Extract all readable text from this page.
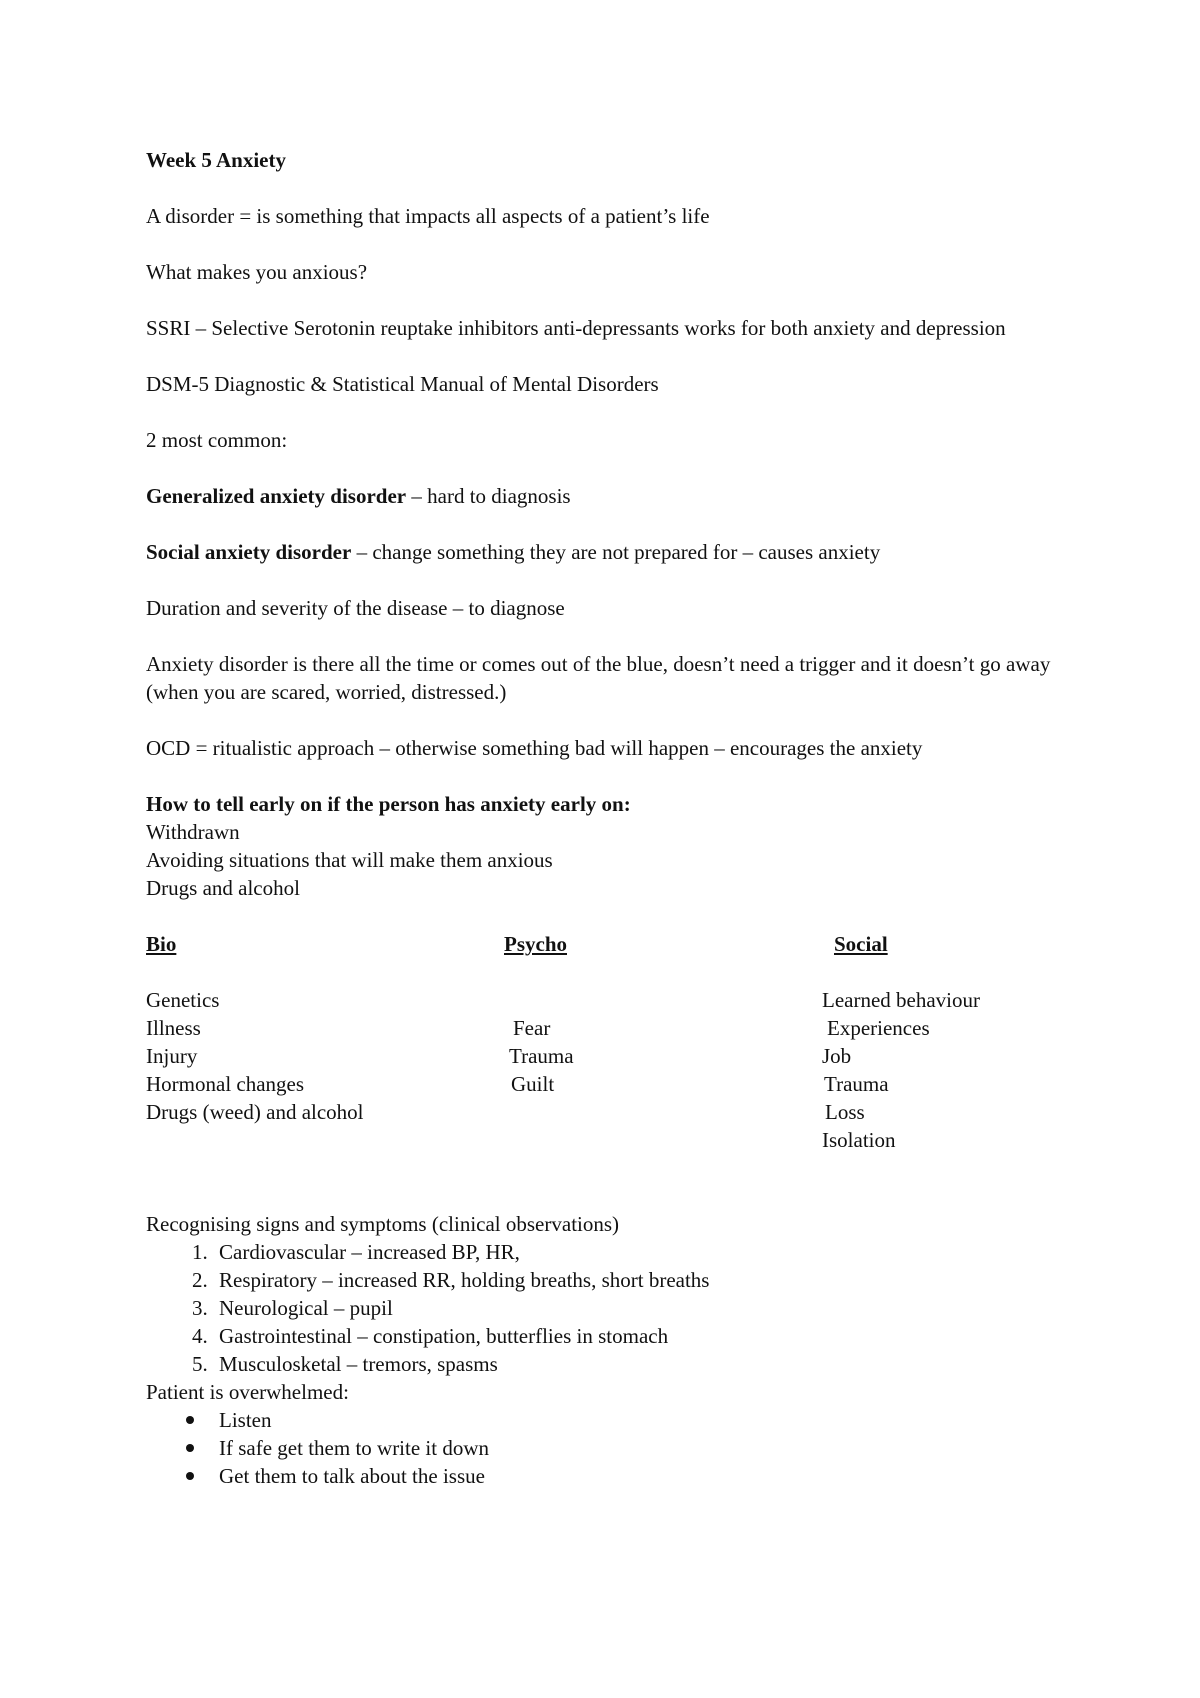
Week 5 Anxiety

A disorder = is something that impacts all aspects of a patient’s life

What makes you anxious?

SSRI – Selective Serotonin reuptake inhibitors anti-depressants works for both anxiety and depression

DSM-5 Diagnostic & Statistical Manual of Mental Disorders

2 most common:

Generalized anxiety disorder – hard to diagnosis

Social anxiety disorder – change something they are not prepared for – causes anxiety

Duration and severity of the disease – to diagnose

Anxiety disorder is there all the time or comes out of the blue, doesn’t need a trigger and it doesn’t go away (when you are scared, worried, distressed.)

OCD = ritualistic approach – otherwise something bad will happen – encourages the anxiety

How to tell early on if the person has anxiety early on:
Withdrawn
Avoiding situations that will make them anxious
Drugs and alcohol
Bio
Genetics
Illness
Injury
Hormonal changes
Drugs (weed) and alcohol
Psycho
Fear
Trauma
Guilt
Social
Learned behaviour
Experiences
Job
Trauma
Loss
Isolation
Recognising signs and symptoms (clinical observations)
1. Cardiovascular – increased BP, HR,
2. Respiratory – increased RR, holding breaths, short breaths
3. Neurological – pupil
4. Gastrointestinal – constipation, butterflies in stomach
5. Musculosketal – tremors, spasms
Patient is overwhelmed:
Listen
If safe get them to write it down
Get them to talk about the issue
